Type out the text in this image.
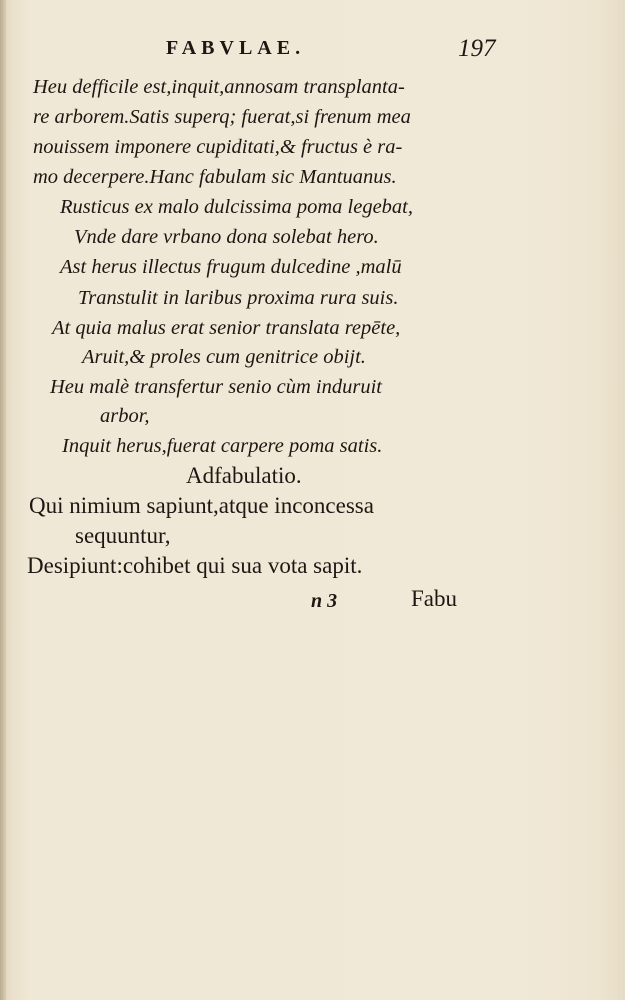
FABVLAE.	197
Heu defficile est,inquit,annosam transplanta-
re arborem.Satis superq; fuerat,si frenum mea
nouissem imponere cupiditati,& fructus è ra-
mo decerpere.Hanc fabulam sic Mantuanus.
Rusticus ex malo dulcissima poma legebat,
Vnde dare vrbano dona solebat hero.
Ast herus illectus frugum dulcedine ,malū
Transtulit in laribus proxima rura suis.
At quia malus erat senior translata repēte,
Aruit,& proles cum genitrice obijt.
Heu malè transfertur senio cùm induruit
arbor,
Inquit herus,fuerat carpere poma satis.
Adfabulatio.
Qui nimium sapiunt,atque inconcessa
sequuntur,
Desipiunt:cohibet qui sua vota sapit.
n 3	Fabu
